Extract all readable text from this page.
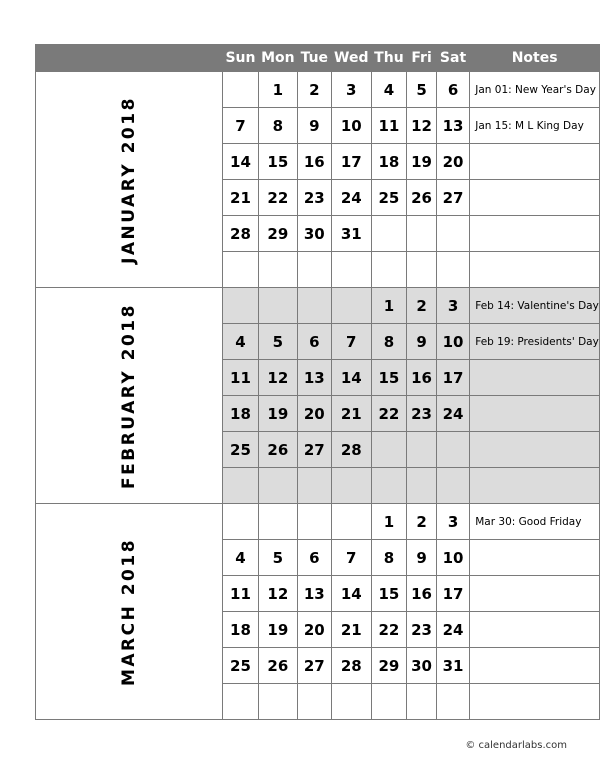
	Sun	Mon	Tue	Wed	Thu	Fri	Sat	Notes
JANUARY 2018		1	2	3	4	5	6	Jan 01: New Year's Day
	7	8	9	10	11	12	13	Jan 15: M L King Day
	14	15	16	17	18	19	20	
	21	22	23	24	25	26	27	
	28	29	30	31				

FEBRUARY 2018					1	2	3	Feb 14: Valentine's Day
	4	5	6	7	8	9	10	Feb 19: Presidents' Day
	11	12	13	14	15	16	17	
	18	19	20	21	22	23	24	
	25	26	27	28				

MARCH 2018					1	2	3	Mar 30: Good Friday
	4	5	6	7	8	9	10	
	11	12	13	14	15	16	17	
	18	19	20	21	22	23	24	
	25	26	27	28	29	30	31	

© calendarlabs.com
